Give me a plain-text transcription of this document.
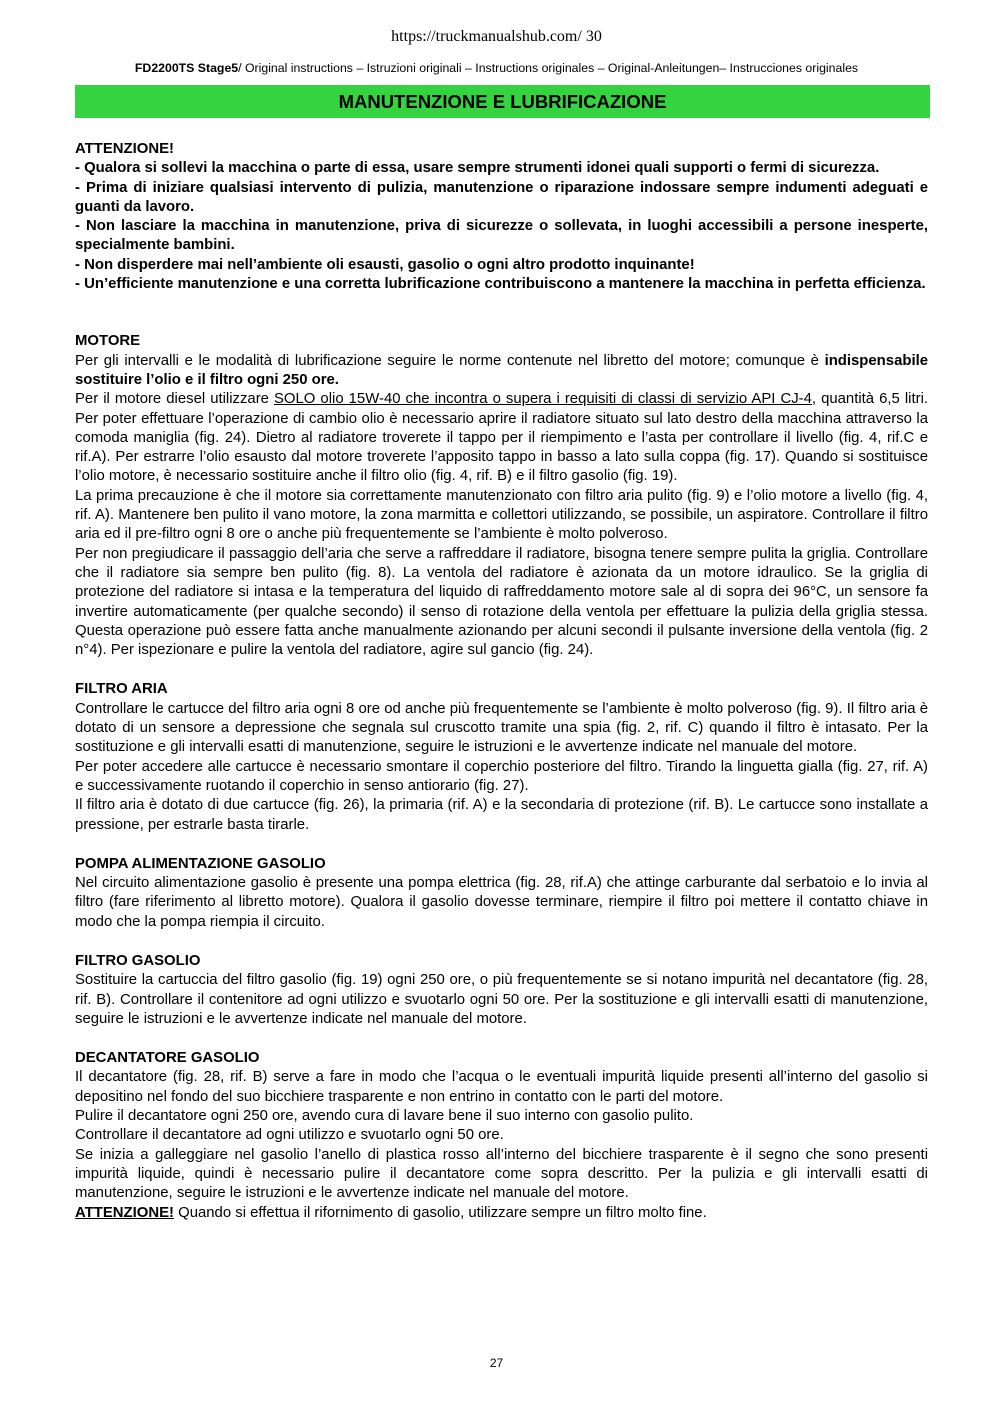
https://truckmanualshub.com/ 30
FD2200TS Stage5/ Original instructions – Istruzioni originali – Instructions originales – Original-Anleitungen– Instrucciones originales
MANUTENZIONE E LUBRIFICAZIONE

ATTENZIONE!

- Qualora si sollevi la macchina o parte di essa, usare sempre strumenti idonei quali supporti o fermi di sicurezza.

- Prima di iniziare qualsiasi intervento di pulizia, manutenzione o riparazione indossare sempre indumenti adeguati e guanti da lavoro.

- Non lasciare la macchina in manutenzione, priva di sicurezze o sollevata, in luoghi accessibili a persone inesperte, specialmente bambini.

- Non disperdere mai nell’ambiente oli esausti, gasolio o ogni altro prodotto inquinante!

- Un’efficiente manutenzione e una corretta lubrificazione contribuiscono a mantenere la macchina in perfetta efficienza.

MOTORE

Per gli intervalli e le modalità di lubrificazione seguire le norme contenute nel libretto del motore; comunque è indispensabile sostituire l’olio e il filtro ogni 250 ore.

Per il motore diesel utilizzare SOLO olio 15W-40 che incontra o supera i requisiti di classi di servizio API CJ-4, quantità 6,5 litri. Per poter effettuare l’operazione di cambio olio è necessario aprire il radiatore situato sul lato destro della macchina attraverso la comoda maniglia (fig. 24). Dietro al radiatore troverete il tappo per il riempimento e l’asta per controllare il livello (fig. 4, rif.C e rif.A). Per estrarre l’olio esausto dal motore troverete l’apposito tappo in basso a lato sulla coppa (fig. 17). Quando si sostituisce l’olio motore, è necessario sostituire anche il filtro olio (fig. 4, rif. B) e il filtro gasolio (fig. 19).

La prima precauzione è che il motore sia correttamente manutenzionato con filtro aria pulito (fig. 9) e l’olio motore a livello (fig. 4, rif. A). Mantenere ben pulito il vano motore, la zona marmitta e collettori utilizzando, se possibile, un aspiratore. Controllare il filtro aria ed il pre-filtro ogni 8 ore o anche più frequentemente se l’ambiente è molto polveroso.

Per non pregiudicare il passaggio dell’aria che serve a raffreddare il radiatore, bisogna tenere sempre pulita la griglia. Controllare che il radiatore sia sempre ben pulito (fig. 8). La ventola del radiatore è azionata da un motore idraulico. Se la griglia di protezione del radiatore si intasa e la temperatura del liquido di raffreddamento motore sale al di sopra dei 96°C, un sensore fa invertire automaticamente (per qualche secondo) il senso di rotazione della ventola per effettuare la pulizia della griglia stessa. Questa operazione può essere fatta anche manualmente azionando per alcuni secondi il pulsante inversione della ventola (fig. 2 n°4). Per ispezionare e pulire la ventola del radiatore, agire sul gancio (fig. 24).

FILTRO ARIA

Controllare le cartucce del filtro aria ogni 8 ore od anche più frequentemente se l’ambiente è molto polveroso (fig. 9). Il filtro aria è dotato di un sensore a depressione che segnala sul cruscotto tramite una spia (fig. 2, rif. C) quando il filtro è intasato. Per la sostituzione e gli intervalli esatti di manutenzione, seguire le istruzioni e le avvertenze indicate nel manuale del motore.

Per poter accedere alle cartucce è necessario smontare il coperchio posteriore del filtro. Tirando la linguetta gialla (fig. 27, rif. A) e successivamente ruotando il coperchio in senso antiorario (fig. 27).

Il filtro aria è dotato di due cartucce (fig. 26), la primaria (rif. A) e la secondaria di protezione (rif. B). Le cartucce sono installate a pressione, per estrarle basta tirarle.

POMPA ALIMENTAZIONE GASOLIO

Nel circuito alimentazione gasolio è presente una pompa elettrica (fig. 28, rif.A) che attinge carburante dal serbatoio e lo invia al filtro (fare riferimento al libretto motore). Qualora il gasolio dovesse terminare, riempire il filtro poi mettere il contatto chiave in modo che la pompa riempia il circuito.

FILTRO GASOLIO

Sostituire la cartuccia del filtro gasolio (fig. 19) ogni 250 ore, o più frequentemente se si notano impurità nel decantatore (fig. 28, rif. B). Controllare il contenitore ad ogni utilizzo e svuotarlo ogni 50 ore. Per la sostituzione e gli intervalli esatti di manutenzione, seguire le istruzioni e le avvertenze indicate nel manuale del motore.

DECANTATORE GASOLIO

Il decantatore (fig. 28, rif. B) serve a fare in modo che l’acqua o le eventuali impurità liquide presenti all’interno del gasolio si depositino nel fondo del suo bicchiere trasparente e non entrino in contatto con le parti del motore.

Pulire il decantatore ogni 250 ore, avendo cura di lavare bene il suo interno con gasolio pulito.

Controllare il decantatore ad ogni utilizzo e svuotarlo ogni 50 ore.

Se inizia a galleggiare nel gasolio l’anello di plastica rosso all’interno del bicchiere trasparente è il segno che sono presenti impurità liquide, quindi è necessario pulire il decantatore come sopra descritto. Per la pulizia e gli intervalli esatti di manutenzione, seguire le istruzioni e le avvertenze indicate nel manuale del motore.

ATTENZIONE! Quando si effettua il rifornimento di gasolio, utilizzare sempre un filtro molto fine.

27
